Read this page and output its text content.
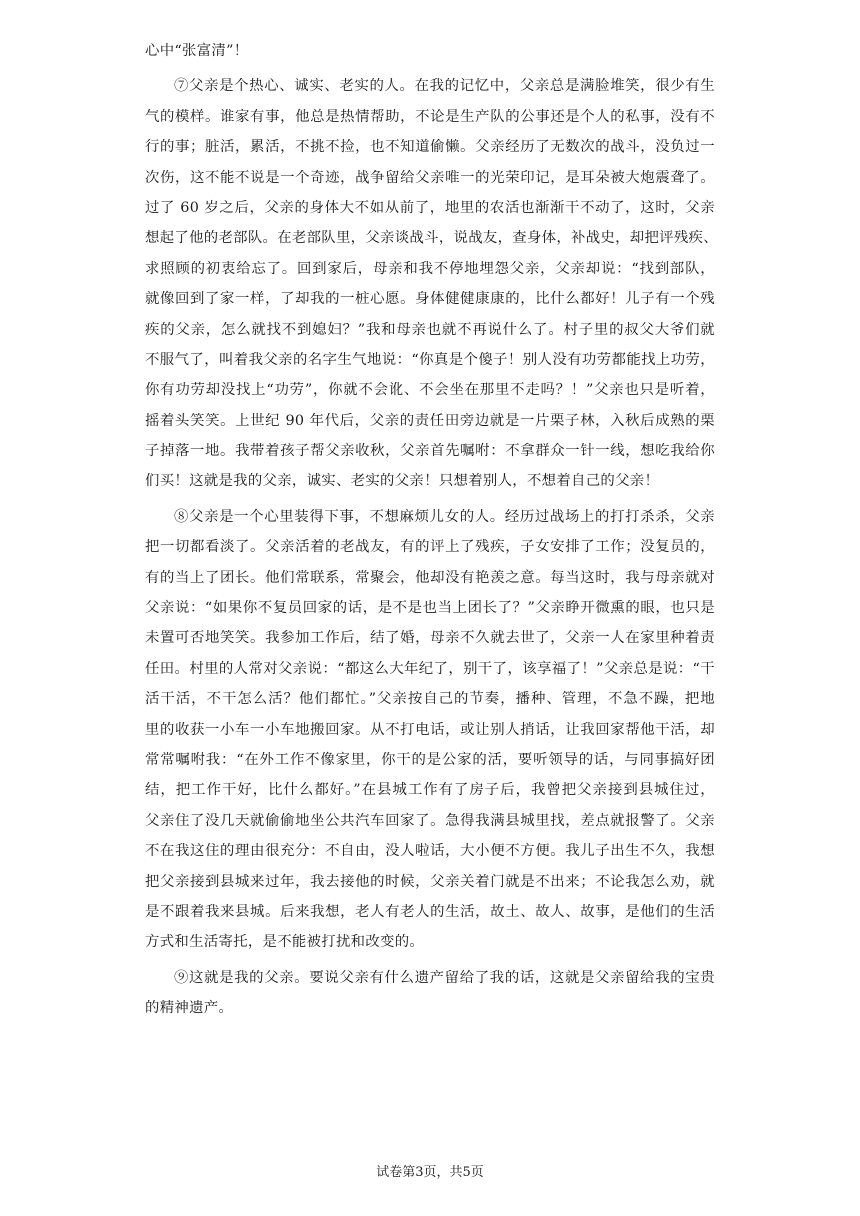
心中“张富清”！
⑦父亲是个热心、诚实、老实的人。在我的记忆中，父亲总是满脸堆笑，很少有生
气的模样。谁家有事，他总是热情帮助，不论是生产队的公事还是个人的私事，没有不
行的事；脏活，累活，不挑不捡，也不知道偷懒。父亲经历了无数次的战斗，没负过一
次伤，这不能不说是一个奇迹，战争留给父亲唯一的光荣印记，是耳朵被大炮震聋了。
过了 60 岁之后，父亲的身体大不如从前了，地里的农活也渐渐干不动了，这时，父亲
想起了他的老部队。在老部队里，父亲谈战斗，说战友，查身体，补战史，却把评残疾、
求照顾的初衷给忘了。回到家后，母亲和我不停地埋怨父亲，父亲却说：“找到部队，
就像回到了家一样，了却我的一桩心愿。身体健健康康的，比什么都好！儿子有一个残
疾的父亲，怎么就找不到媳妇？”我和母亲也就不再说什么了。村子里的叔父大爷们就
不服气了，叫着我父亲的名字生气地说：“你真是个傻子！别人没有功劳都能找上功劳，
你有功劳却没找上“功劳”，你就不会讹、不会坐在那里不走吗？！”父亲也只是听着，
摇着头笑笑。上世纪 90 年代后，父亲的责任田旁边就是一片栗子林，入秋后成熟的栗
子掉落一地。我带着孩子帮父亲收秋，父亲首先嘱咐：不拿群众一针一线，想吃我给你
们买！这就是我的父亲，诚实、老实的父亲！只想着别人，不想着自己的父亲！
⑧父亲是一个心里装得下事，不想麻烦儿女的人。经历过战场上的打打杀杀，父亲
把一切都看淡了。父亲活着的老战友，有的评上了残疾，子女安排了工作；没复员的，
有的当上了团长。他们常联系，常聚会，他却没有艳羡之意。每当这时，我与母亲就对
父亲说：“如果你不复员回家的话，是不是也当上团长了？”父亲睁开微熏的眼，也只是
未置可否地笑笑。我参加工作后，结了婚，母亲不久就去世了，父亲一人在家里种着责
任田。村里的人常对父亲说：“都这么大年纪了，别干了，该享福了！”父亲总是说：“干
活干活，不干怎么活？他们都忙。”父亲按自己的节奏，播种、管理，不急不躁，把地
里的收获一小车一小车地搬回家。从不打电话，或让别人捎话，让我回家帮他干活，却
常常嘱咐我：“在外工作不像家里，你干的是公家的活，要听领导的话，与同事搞好团
结，把工作干好，比什么都好。”在县城工作有了房子后，我曾把父亲接到县城住过，
父亲住了没几天就偷偷地坐公共汽车回家了。急得我满县城里找，差点就报警了。父亲
不在我这住的理由很充分：不自由，没人啦话，大小便不方便。我儿子出生不久，我想
把父亲接到县城来过年，我去接他的时候，父亲关着门就是不出来；不论我怎么劝，就
是不跟着我来县城。后来我想，老人有老人的生活，故土、故人、故事，是他们的生活
方式和生活寄托，是不能被打扰和改变的。
⑨这就是我的父亲。要说父亲有什么遗产留给了我的话，这就是父亲留给我的宝贵
的精神遗产。
试卷第3页，共5页
